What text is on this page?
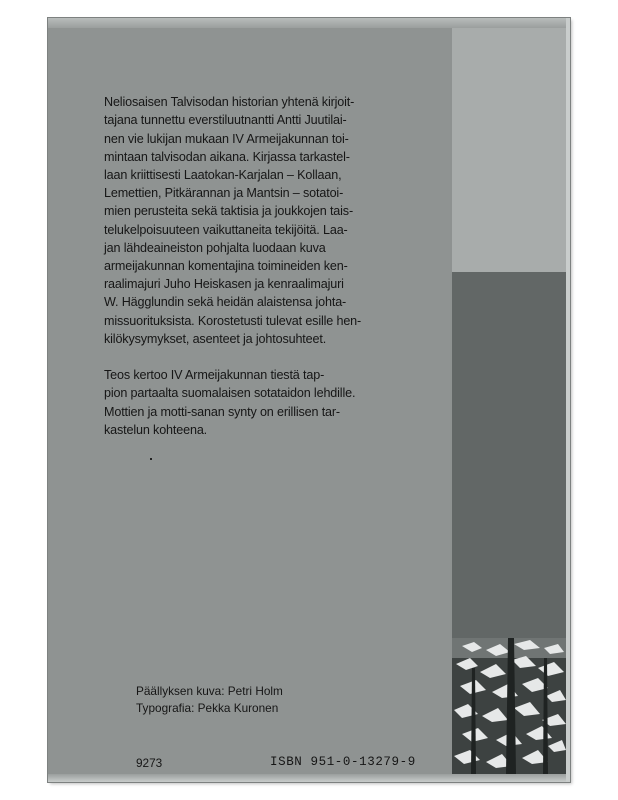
Neliosaisen Talvisodan historian yhtenä kirjoit-
tajana tunnettu everstiluutnantti Antti Juutilai-
nen vie lukijan mukaan IV Armeijakunnan toi-
mintaan talvisodan aikana. Kirjassa tarkastel-
laan kriittisesti Laatokan-Karjalan – Kollaan,
Lemettien, Pitkärannan ja Mantsin – sotatoi-
mien perusteita sekä taktisia ja joukkojen tais-
telukelpoisuuteen vaikuttaneita tekijöitä. Laa-
jan lähdeaineiston pohjalta luodaan kuva
armeijakunnan komentajina toimineiden ken-
raalimajuri Juho Heiskasen ja kenraalimajuri
W. Hägglundin sekä heidän alaistensa johta-
missuorituksista. Korostetusti tulevat esille hen-
kilökysymykset, asenteet ja johtosuhteet.

Teos kertoo IV Armeijakunnan tiestä tap-
pion partaalta suomalaisen sotataidon lehdille.
Mottien ja motti-sanan synty on erillisen tar-
kastelun kohteena.

Päällyksen kuva: Petri Holm
Typografia: Pekka Kuronen
9273	ISBN 951-0-13279-9
